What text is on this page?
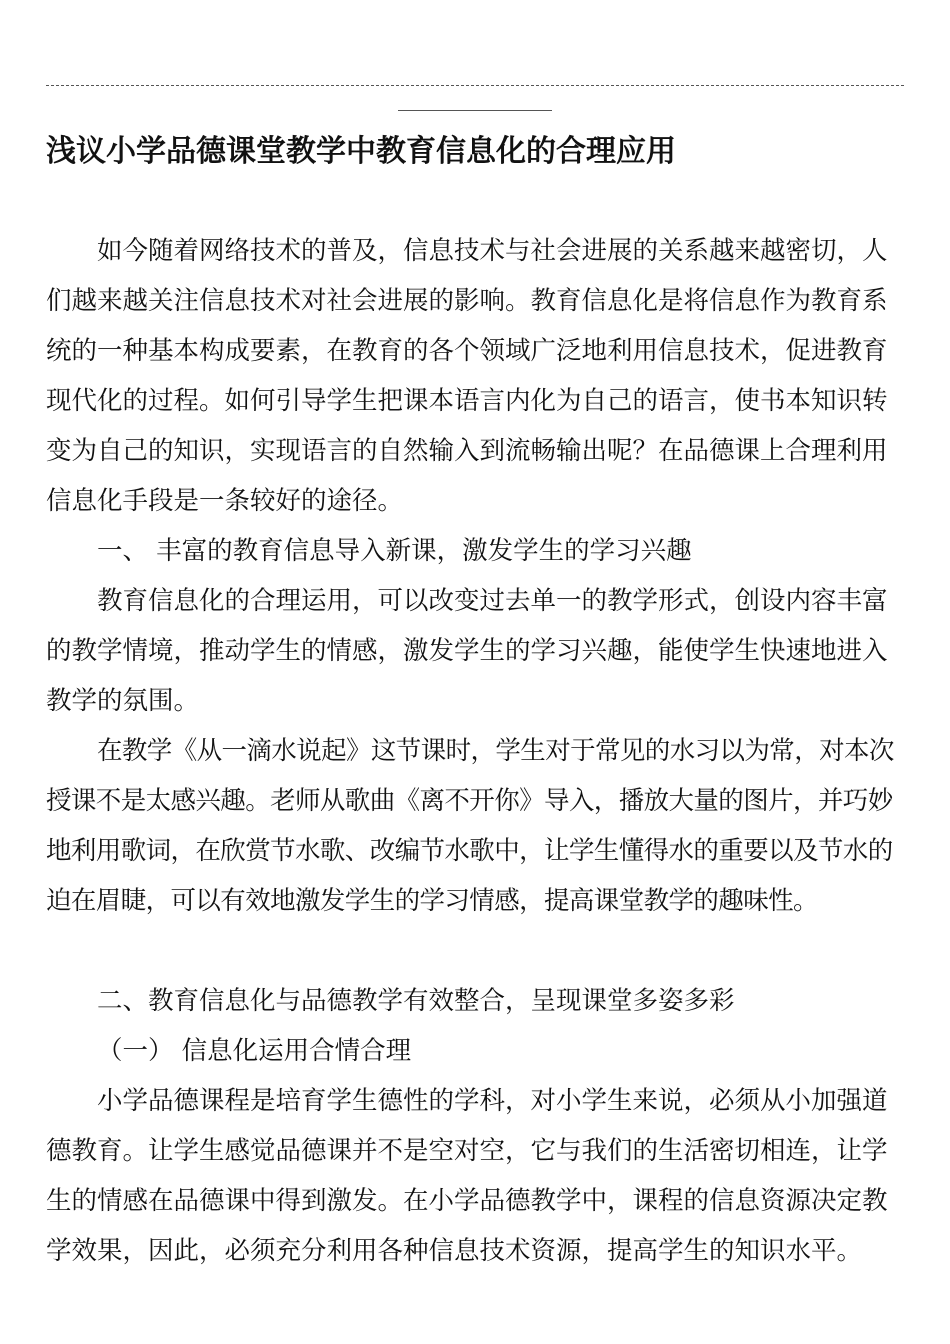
浅议小学品德课堂教学中教育信息化的合理应用

如今随着网络技术的普及，信息技术与社会进展的关系越来越密切，人们越来越关注信息技术对社会进展的影响。教育信息化是将信息作为教育系统的一种基本构成要素，在教育的各个领域广泛地利用信息技术，促进教育现代化的过程。如何引导学生把课本语言内化为自己的语言，使书本知识转变为自己的知识，实现语言的自然输入到流畅输出呢？在品德课上合理利用信息化手段是一条较好的途径。

一、 丰富的教育信息导入新课，激发学生的学习兴趣

教育信息化的合理运用，可以改变过去单一的教学形式，创设内容丰富的教学情境，推动学生的情感，激发学生的学习兴趣，能使学生快速地进入教学的氛围。

在教学《从一滴水说起》这节课时，学生对于常见的水习以为常，对本次授课不是太感兴趣。老师从歌曲《离不开你》导入，播放大量的图片，并巧妙地利用歌词，在欣赏节水歌、改编节水歌中，让学生懂得水的重要以及节水的迫在眉睫，可以有效地激发学生的学习情感，提高课堂教学的趣味性。

二、教育信息化与品德教学有效整合，呈现课堂多姿多彩

（一） 信息化运用合情合理

小学品德课程是培育学生德性的学科，对小学生来说，必须从小加强道德教育。让学生感觉品德课并不是空对空，它与我们的生活密切相连，让学生的情感在品德课中得到激发。在小学品德教学中，课程的信息资源决定教学效果，因此，必须充分利用各种信息技术资源，提高学生的知识水平。
